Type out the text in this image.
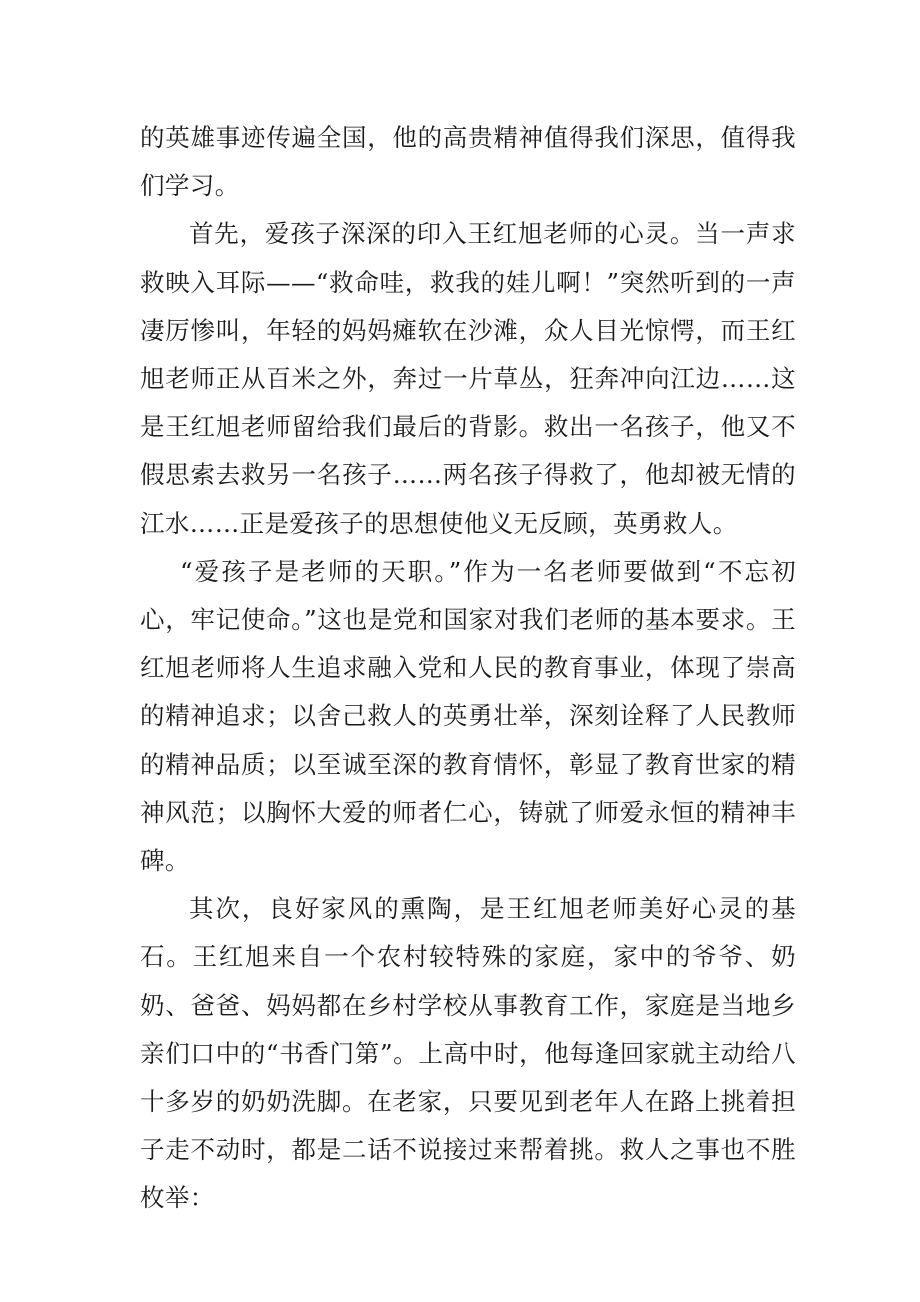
的英雄事迹传遍全国，他的高贵精神值得我们深思，值得我们学习。

首先，爱孩子深深的印入王红旭老师的心灵。当一声求救映入耳际——“救命哇，救我的娃儿啊！”突然听到的一声凄厉惨叫，年轻的妈妈瘫软在沙滩，众人目光惊愕，而王红旭老师正从百米之外，奔过一片草丛，狂奔冲向江边……这是王红旭老师留给我们最后的背影。救出一名孩子，他又不假思索去救另一名孩子……两名孩子得救了，他却被无情的江水……正是爱孩子的思想使他义无反顾，英勇救人。

“爱孩子是老师的天职。”作为一名老师要做到“不忘初心，牢记使命。”这也是党和国家对我们老师的基本要求。王红旭老师将人生追求融入党和人民的教育事业，体现了崇高的精神追求；以舍己救人的英勇壮举，深刻诠释了人民教师的精神品质；以至诚至深的教育情怀，彰显了教育世家的精神风范；以胸怀大爱的师者仁心，铸就了师爱永恒的精神丰碑。

其次，良好家风的熏陶，是王红旭老师美好心灵的基石。王红旭来自一个农村较特殊的家庭，家中的爷爷、奶奶、爸爸、妈妈都在乡村学校从事教育工作，家庭是当地乡亲们口中的“书香门第”。上高中时，他每逢回家就主动给八十多岁的奶奶洗脚。在老家，只要见到老年人在路上挑着担子走不动时，都是二话不说接过来帮着挑。救人之事也不胜枚举：
